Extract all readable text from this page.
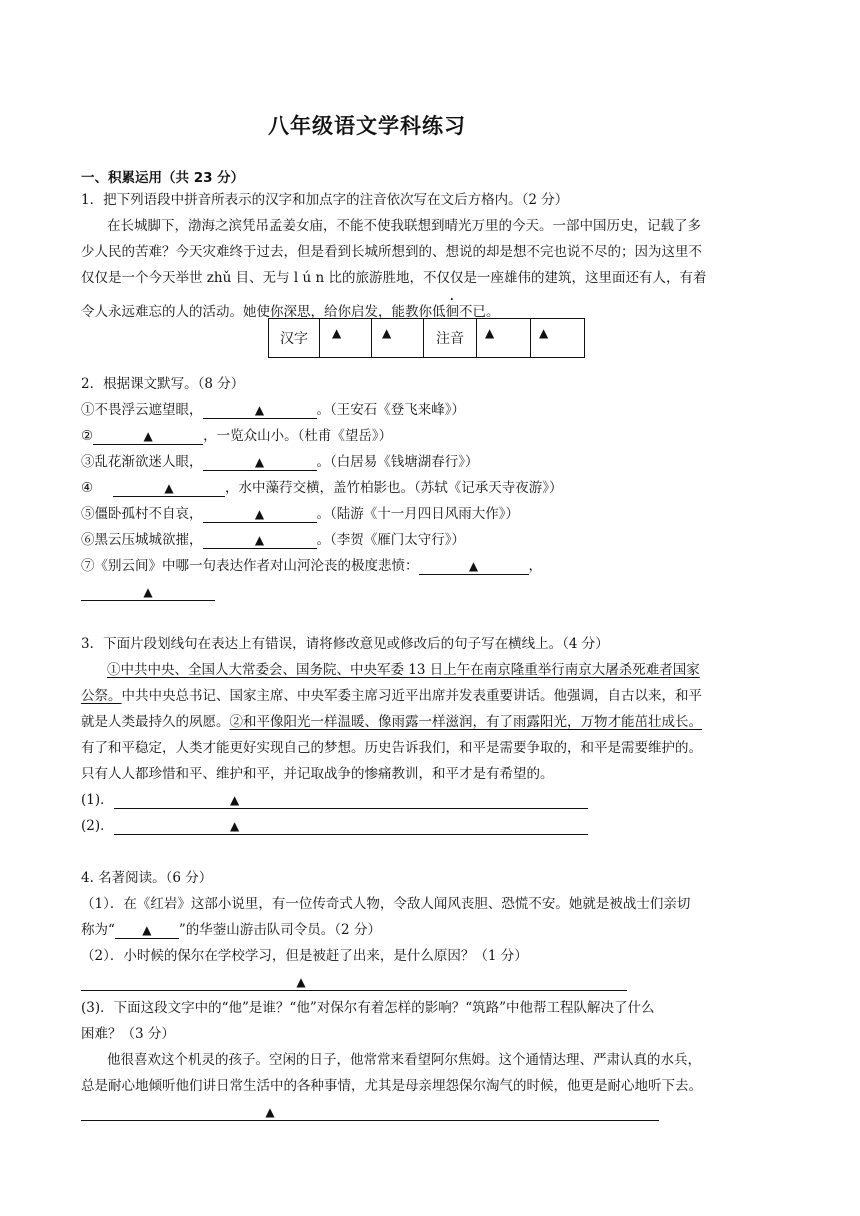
八年级语文学科练习
一、积累运用（共 23 分）
1．把下列语段中拼音所表示的汉字和加点字的注音依次写在文后方格内。（2 分）
在长城脚下，渤海之滨凭吊孟姜女庙，不能不使我联想到晴光万里的今天。一部中国历史，记载了多
少人民的苦难？今天灾难终于过去，但是看到长城所想到的、想说的却是想不完也说不尽的；因为这里不
仅仅是一个今天举世 zhǔ 目、无与 l ú n 比的旅游胜地，不仅仅是一座雄伟的建筑，这里面还有人，有着
令人永远难忘的人的活动。她使你深思，给你启发，能教你低徊不已。
汉字	▲	▲	注音	▲	▲
2．根据课文默写。（8 分）
①不畏浮云遮望眼，	▲	。（王安石《登飞来峰》）
②	▲	，一览众山小。（杜甫《望岳》）
③乱花渐欲迷人眼，	▲	。（白居易《钱塘湖春行》）
④	▲	，水中藻荇交横，盖竹柏影也。（苏轼《记承天寺夜游》）
⑤僵卧孤村不自哀，	▲	。（陆游《十一月四日风雨大作》）
⑥黑云压城城欲摧，	▲	。（李贺《雁门太守行》）
⑦《别云间》中哪一句表达作者对山河沦丧的极度悲愤：	▲	，
▲
3．下面片段划线句在表达上有错误，请将修改意见或修改后的句子写在横线上。（4 分）
①中共中央、全国人大常委会、国务院、中央军委 13 日上午在南京隆重举行南京大屠杀死难者国家
公祭。中共中央总书记、国家主席、中央军委主席习近平出席并发表重要讲话。他强调，自古以来，和平
就是人类最持久的夙愿。②和平像阳光一样温暖、像雨露一样滋润，有了雨露阳光，万物才能茁壮成长。
有了和平稳定，人类才能更好实现自己的梦想。历史告诉我们，和平是需要争取的，和平是需要维护的。
只有人人都珍惜和平、维护和平，并记取战争的惨痛教训，和平才是有希望的。
(1)．	▲
(2)．	▲
4. 名著阅读。（6 分）
（1）．在《红岩》这部小说里，有一位传奇式人物，令敌人闻风丧胆、恐慌不安。她就是被战士们亲切
称为“ ▲ ”的华蓥山游击队司令员。（2 分）
（2）．小时候的保尔在学校学习，但是被赶了出来，是什么原因？（1 分）
▲
(3)．下面这段文字中的“他”是谁？“他”对保尔有着怎样的影响？“筑路”中他帮工程队解决了什么
困难？（3 分）
他很喜欢这个机灵的孩子。空闲的日子，他常常来看望阿尔焦姆。这个通情达理、严肃认真的水兵，
总是耐心地倾听他们讲日常生活中的各种事情，尤其是母亲埋怨保尔淘气的时候，他更是耐心地听下去。
▲
